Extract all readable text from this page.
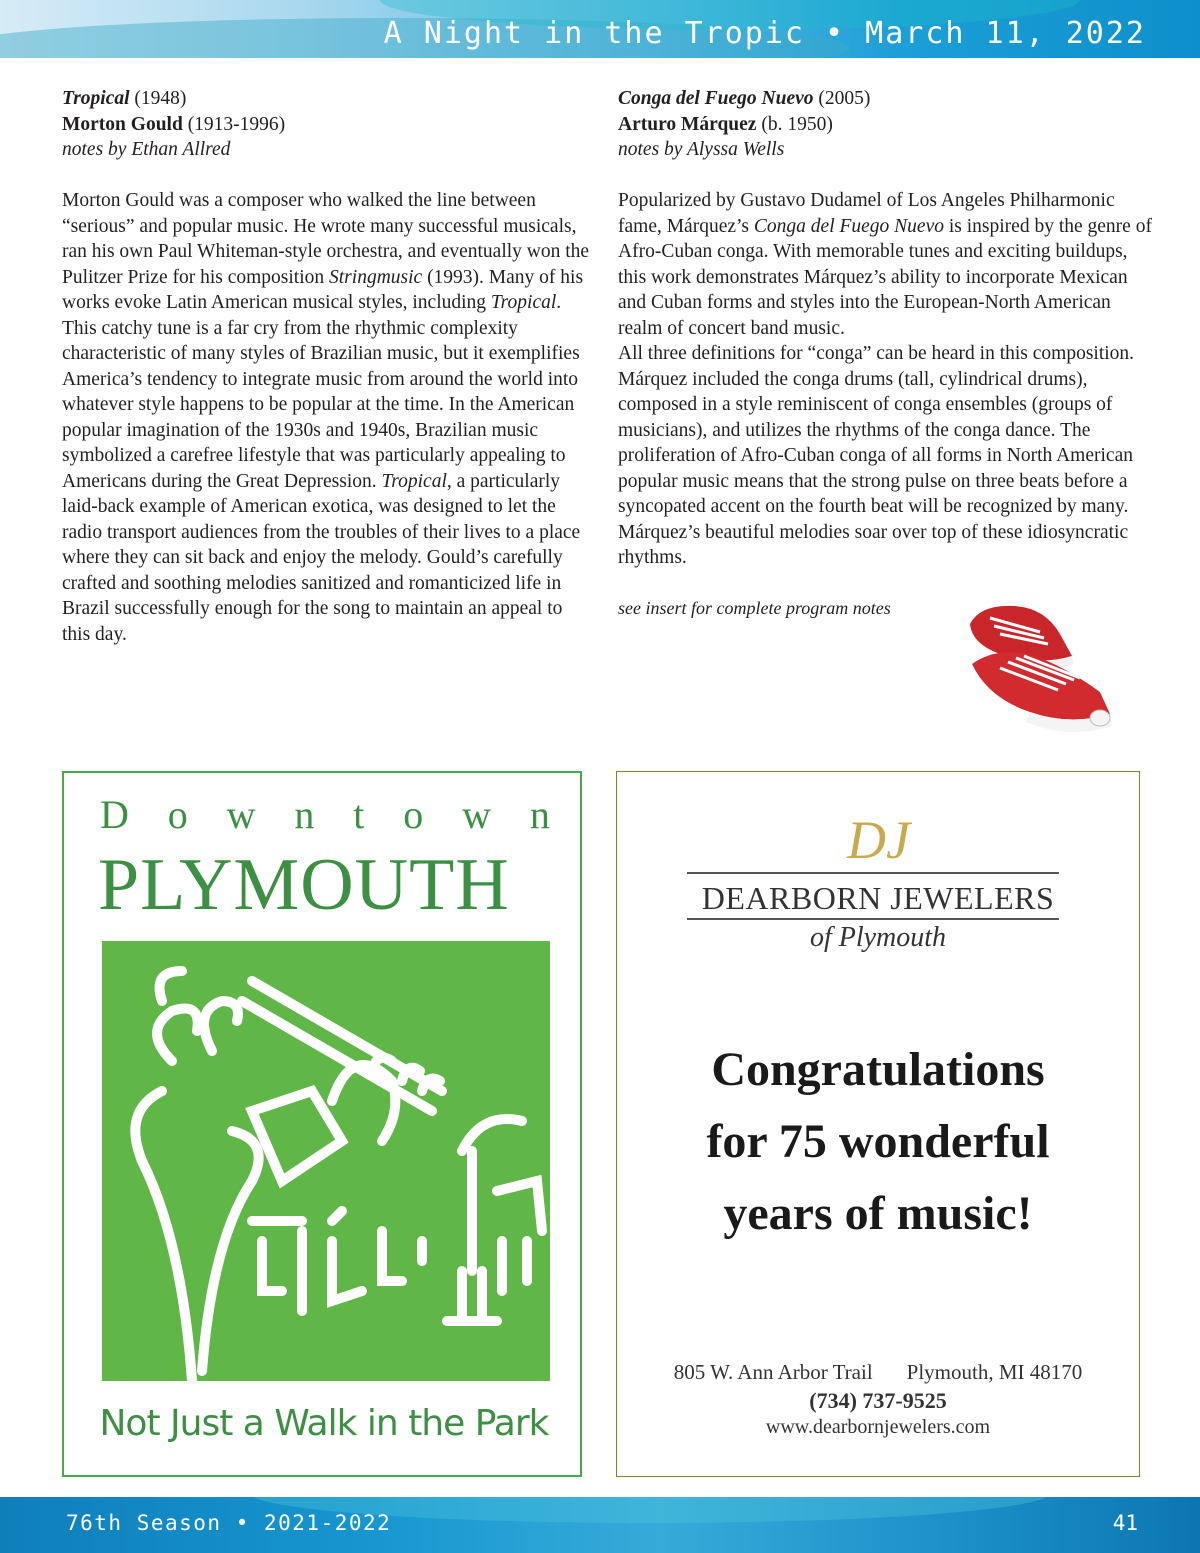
A Night in the Tropic • March 11, 2022

Tropical (1948)

Morton Gould (1913-1996)

notes by Ethan Allred

Morton Gould was a composer who walked the line between “serious” and popular music. He wrote many successful musicals, ran his own Paul Whiteman-style orchestra, and eventually won the Pulitzer Prize for his composition Stringmusic (1993). Many of his works evoke Latin American musical styles, including Tropical. This catchy tune is a far cry from the rhythmic complexity characteristic of many styles of Brazilian music, but it exemplifies America’s tendency to integrate music from around the world into whatever style happens to be popular at the time. In the American popular imagination of the 1930s and 1940s, Brazilian music symbolized a carefree lifestyle that was particularly appealing to Americans during the Great Depression. Tropical, a particularly laid-back example of American exotica, was designed to let the radio transport audiences from the troubles of their lives to a place where they can sit back and enjoy the melody. Gould’s carefully crafted and soothing melodies sanitized and romanticized life in Brazil successfully enough for the song to maintain an appeal to this day.

Conga del Fuego Nuevo (2005)

Arturo Márquez (b. 1950)

notes by Alyssa Wells

Popularized by Gustavo Dudamel of Los Angeles Philharmonic fame, Márquez’s Conga del Fuego Nuevo is inspired by the genre of Afro-Cuban conga. With memorable tunes and exciting buildups, this work demonstrates Márquez’s ability to incorporate Mexican and Cuban forms and styles into the European-North American realm of concert band music.

All three definitions for “conga” can be heard in this composition. Márquez included the conga drums (tall, cylindrical drums), composed in a style reminiscent of conga ensembles (groups of musicians), and utilizes the rhythms of the conga dance. The proliferation of Afro-Cuban conga of all forms in North American popular music means that the strong pulse on three beats before a syncopated accent on the fourth beat will be recognized by many. Márquez’s beautiful melodies soar over top of these idiosyncratic rhythms.

see insert for complete program notes

D o w n t o w n
PLYMOUTH
Not Just a Walk in the Park
DJ
DEARBORN JEWELERS
of Plymouth
Congratulations
for 75 wonderful
years of music!
805 W. Ann Arbor Trail Plymouth, MI 48170
(734) 737-9525
www.dearbornjewelers.com
76th Season • 2021-2022	41
